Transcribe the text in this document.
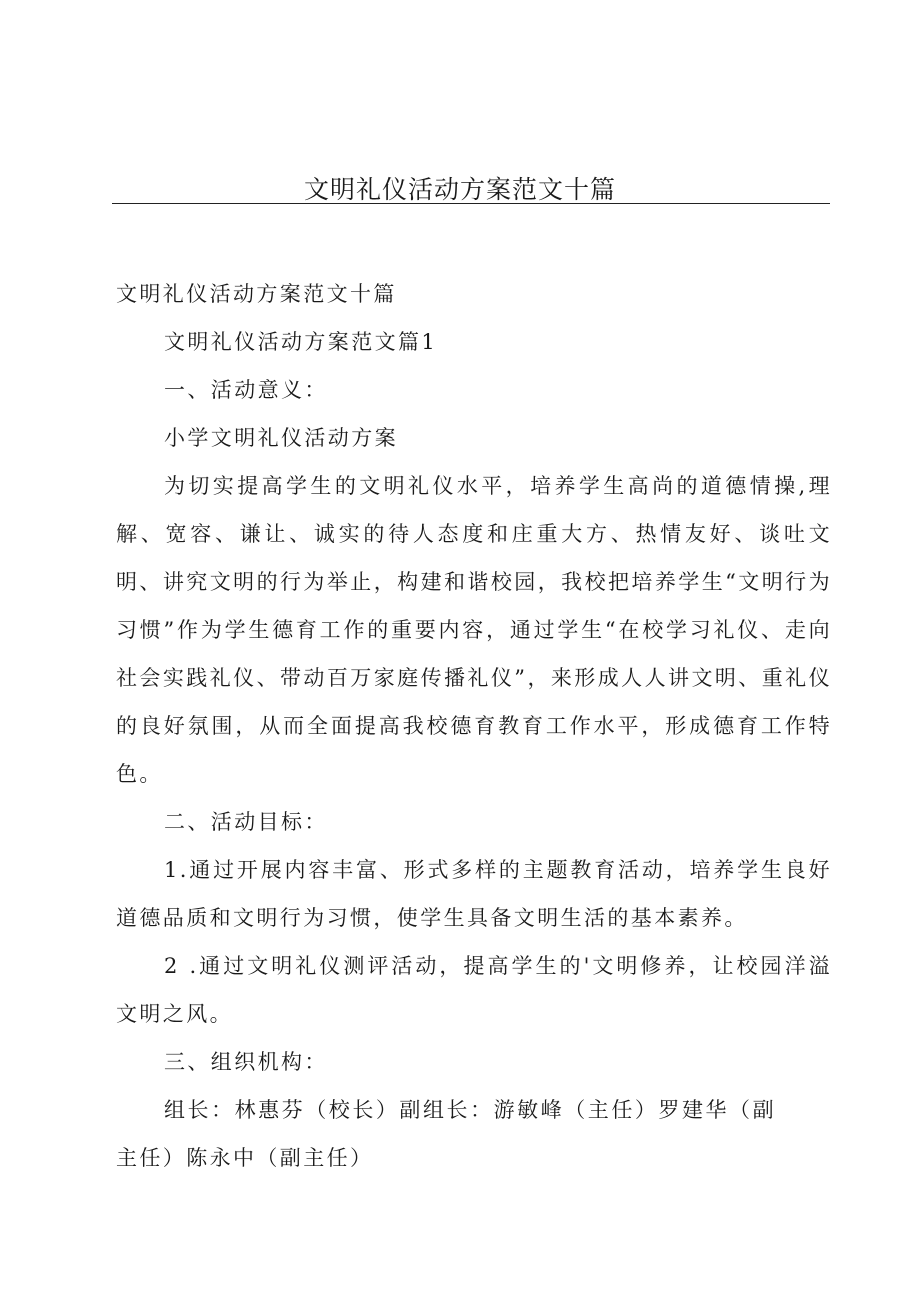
文明礼仪活动方案范文十篇

文明礼仪活动方案范文十篇

文明礼仪活动方案范文篇1

一、活动意义：

小学文明礼仪活动方案

为切实提高学生的文明礼仪水平，培养学生高尚的道德情操,理解、宽容、谦让、诚实的待人态度和庄重大方、热情友好、谈吐文明、讲究文明的行为举止，构建和谐校园，我校把培养学生“文明行为习惯”作为学生德育工作的重要内容，通过学生“在校学习礼仪、走向社会实践礼仪、带动百万家庭传播礼仪”，来形成人人讲文明、重礼仪的良好氛围，从而全面提高我校德育教育工作水平，形成德育工作特色。

二、活动目标：

1.通过开展内容丰富、形式多样的主题教育活动，培养学生良好道德品质和文明行为习惯，使学生具备文明生活的基本素养。

2 .通过文明礼仪测评活动，提高学生的'文明修养，让校园洋溢文明之风。

三、组织机构：

组长：林惠芬（校长）副组长：游敏峰（主任）罗建华（副主任）陈永中（副主任）
